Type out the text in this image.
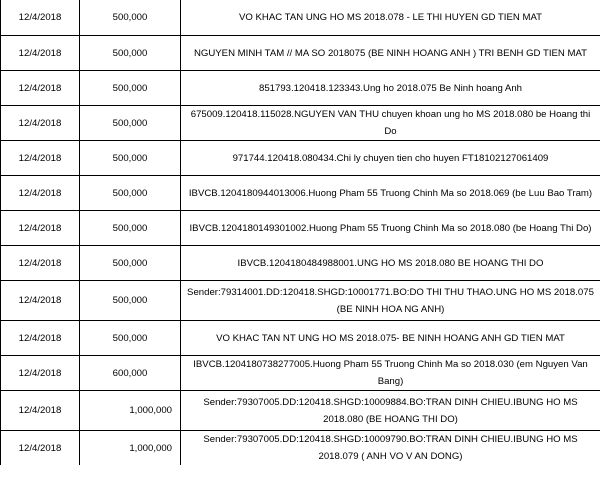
12/4/2018	500,000	VO KHAC TAN UNG HO MS 2018.078 - LE THI HUYEN GD TIEN MAT
12/4/2018	500,000	NGUYEN MINH TAM // MA SO 2018075 (BE NINH HOANG ANH ) TRI BENH GD TIEN MAT
12/4/2018	500,000	851793.120418.123343.Ung ho 2018.075 Be Ninh hoang Anh
12/4/2018	500,000	675009.120418.115028.NGUYEN VAN THU chuyen khoan ung ho MS 2018.080 be Hoang thi Do
12/4/2018	500,000	971744.120418.080434.Chi ly chuyen tien cho huyen FT18102127061409
12/4/2018	500,000	IBVCB.1204180944013006.Huong Pham 55 Truong Chinh Ma so 2018.069 (be Luu Bao Tram)
12/4/2018	500,000	IBVCB.1204180149301002.Huong Pham 55 Truong Chinh Ma so 2018.080 (be Hoang Thi Do)
12/4/2018	500,000	IBVCB.1204180484988001.UNG HO MS 2018.080 BE HOANG THI DO
12/4/2018	500,000	Sender:79314001.DD:120418.SHGD:10001771.BO:DO THI THU THAO.UNG HO MS 2018.075 (BE NINH HOA NG ANH)
12/4/2018	500,000	VO KHAC TAN NT UNG HO MS 2018.075- BE NINH HOANG ANH GD TIEN MAT
12/4/2018	600,000	IBVCB.1204180738277005.Huong Pham 55 Truong Chinh Ma so 2018.030 (em Nguyen Van Bang)
12/4/2018	1,000,000	Sender:79307005.DD:120418.SHGD:10009884.BO:TRAN DINH CHIEU.IBUNG HO MS 2018.080 (BE HOANG THI DO)
12/4/2018	1,000,000	Sender:79307005.DD:120418.SHGD:10009790.BO:TRAN DINH CHIEU.IBUNG HO MS 2018.079 ( ANH VO V AN DONG)
